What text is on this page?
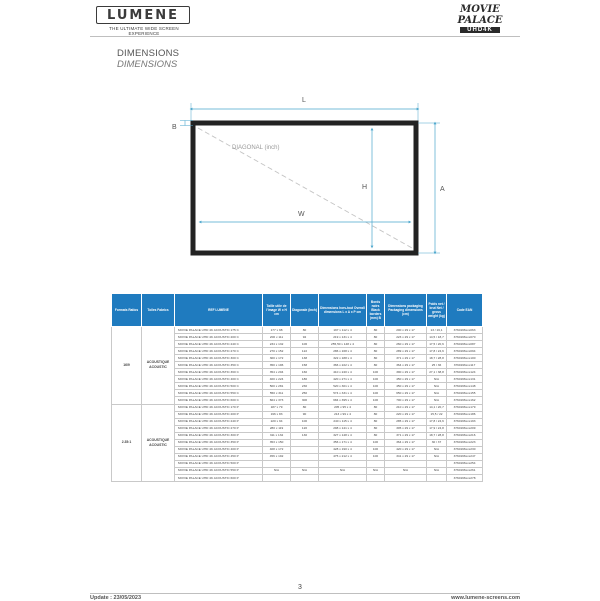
LUMENE
THE ULTIMATE WIDE SCREEN EXPERIENCE
MOVIE PALACE
UHD4K
DIMENSIONS
DIMENSIONS
L
B
DIAGONAL (inch)
H	A
W
Formats Ratios	Toiles Fabrics	REF LUMENE	Taille utile de l'image W x H cm	Diagonale (Inch)	Dimensions hors-tout Overall dimensions L x A x P cm	Bords noirs Black borders (mm) B	Dimensions packaging Packaging dimensions (cm)	Poids net / brut Net / gross weight (kg)	Code EAN
16/9	ACOUSTIQUE
ACOUSTIC	MOVIE PALACE UHD 4K ACOUSTIC 175 C	177 x 98	80	197 x 112 x 4	80	200 x 29 x 17	13 / 16,1	3760196xxx063
		MOVIE PALACE UHD 4K ACOUSTIC 200 C	200 x 111	92	219 x 131 x 4	80	223 x 29 x 17	14,5 / 18,7	3760196xxx070
		MOVIE PALACE UHD 4K ACOUSTIC 240 C	234 x 132	106	255,50 x 148 x 4	80	260 x 29 x 17	17,5 / 20,6	3760196xxx087
		MOVIE PALACE UHD 4K ACOUSTIC 270 C	270 x 152	122	286 x 168 x 4	80	289 x 29 x 17	17,8 / 24,6	3760196xxx094
		MOVIE PALACE UHD 4K ACOUSTIC 300 C	300 x 172	138	322 x 188 x 4	80	371 x 29 x 17	18,7 / 28,8	3760196xxx100
		MOVIE PALACE UHD 4K ACOUSTIC 350 C	350 x 196	158	366 x 222 x 4	80	364 x 29 x 17	25 / 36	3760196xxx117
		MOVIE PALACE UHD 4K ACOUSTIC 360 C	354 x 204	160	410 x 240 x 4	100	390 x 29 x 17	27,1 / 38,8	3760196xxx124
		MOVIE PALACE UHD 4K ACOUSTIC 400 C	400 x 224	180	420 x 271 x 4	100	450 x 29 x 17	N/A	3760196xxx131
		MOVIE PALACE UHD 4K ACOUSTIC 500 C	500 x 281	230	520 x 301 x 4	100	450 x 29 x 17	N/A	3760196xxx148
		MOVIE PALACE UHD 4K ACOUSTIC 550 C	550 x 311	250	574 x 331 x 4	100	650 x 29 x 17	N/A	3760196xxx155
		MOVIE PALACE UHD 4K ACOUSTIC 600 C	664 x 373	300	684 x 395 x 4	100	700 x 29 x 17	N/A	3760196xxx162
2.35:1	ACOUSTIQUE
ACOUSTIC	MOVIE PALACE UHD 4K ACOUSTIC 170 P	187 x 79	80	205 x 95 x 4	80	210 x 29 x 17	14,1 / 20,7	3760196xxx179
		MOVIE PALACE UHD 4K ACOUSTIC 200 P	196 x 83	90	213 x 99 x 4	80	220 x 29 x 17	15,5 / 22	3760196xxx186
		MOVIE PALACE UHD 4K ACOUSTIC 240 P	220 x 94	100	240 x 115 x 4	80	285 x 29 x 17	17,8 / 24,6	3760196xxx193
		MOVIE PALACE UHD 4K ACOUSTIC 270 P	280 x 119	120	298 x 141 x 4	80	305 x 29 x 17	17,9 / 24,8	3760196xxx209
		MOVIE PALACE UHD 4K ACOUSTIC 300 P	311 x 132	130	327 x 148 x 4	80	371 x 29 x 17	18,7 / 28,8	3760196xxx216
		MOVIE PALACE UHD 4K ACOUSTIC 350 P	353 x 150		356 x 171 x 4	100	364 x 29 x 17	30 / 37	3760196xxx223
		MOVIE PALACE UHD 4K ACOUSTIC 400 P	408 x 172		428 x 190 x 4	100	420 x 29 x 17	N/A	3760196xxx230
		MOVIE PALACE UHD 4K ACOUSTIC 450 P	456 x 192		475 x 212 x 4	100	341 x 29 x 17	N/A	3760196xxx247
		MOVIE PALACE UHD 4K ACOUSTIC 500 P							3760196xxx254
		MOVIE PALACE UHD 4K ACOUSTIC 550 P	N/A	N/A	N/A	N/A	N/A	N/A	3760196xxx261
		MOVIE PALACE UHD 4K ACOUSTIC 600 P							3760196xxx278
3
Update : 23/05/2023	www.lumene-screens.com
